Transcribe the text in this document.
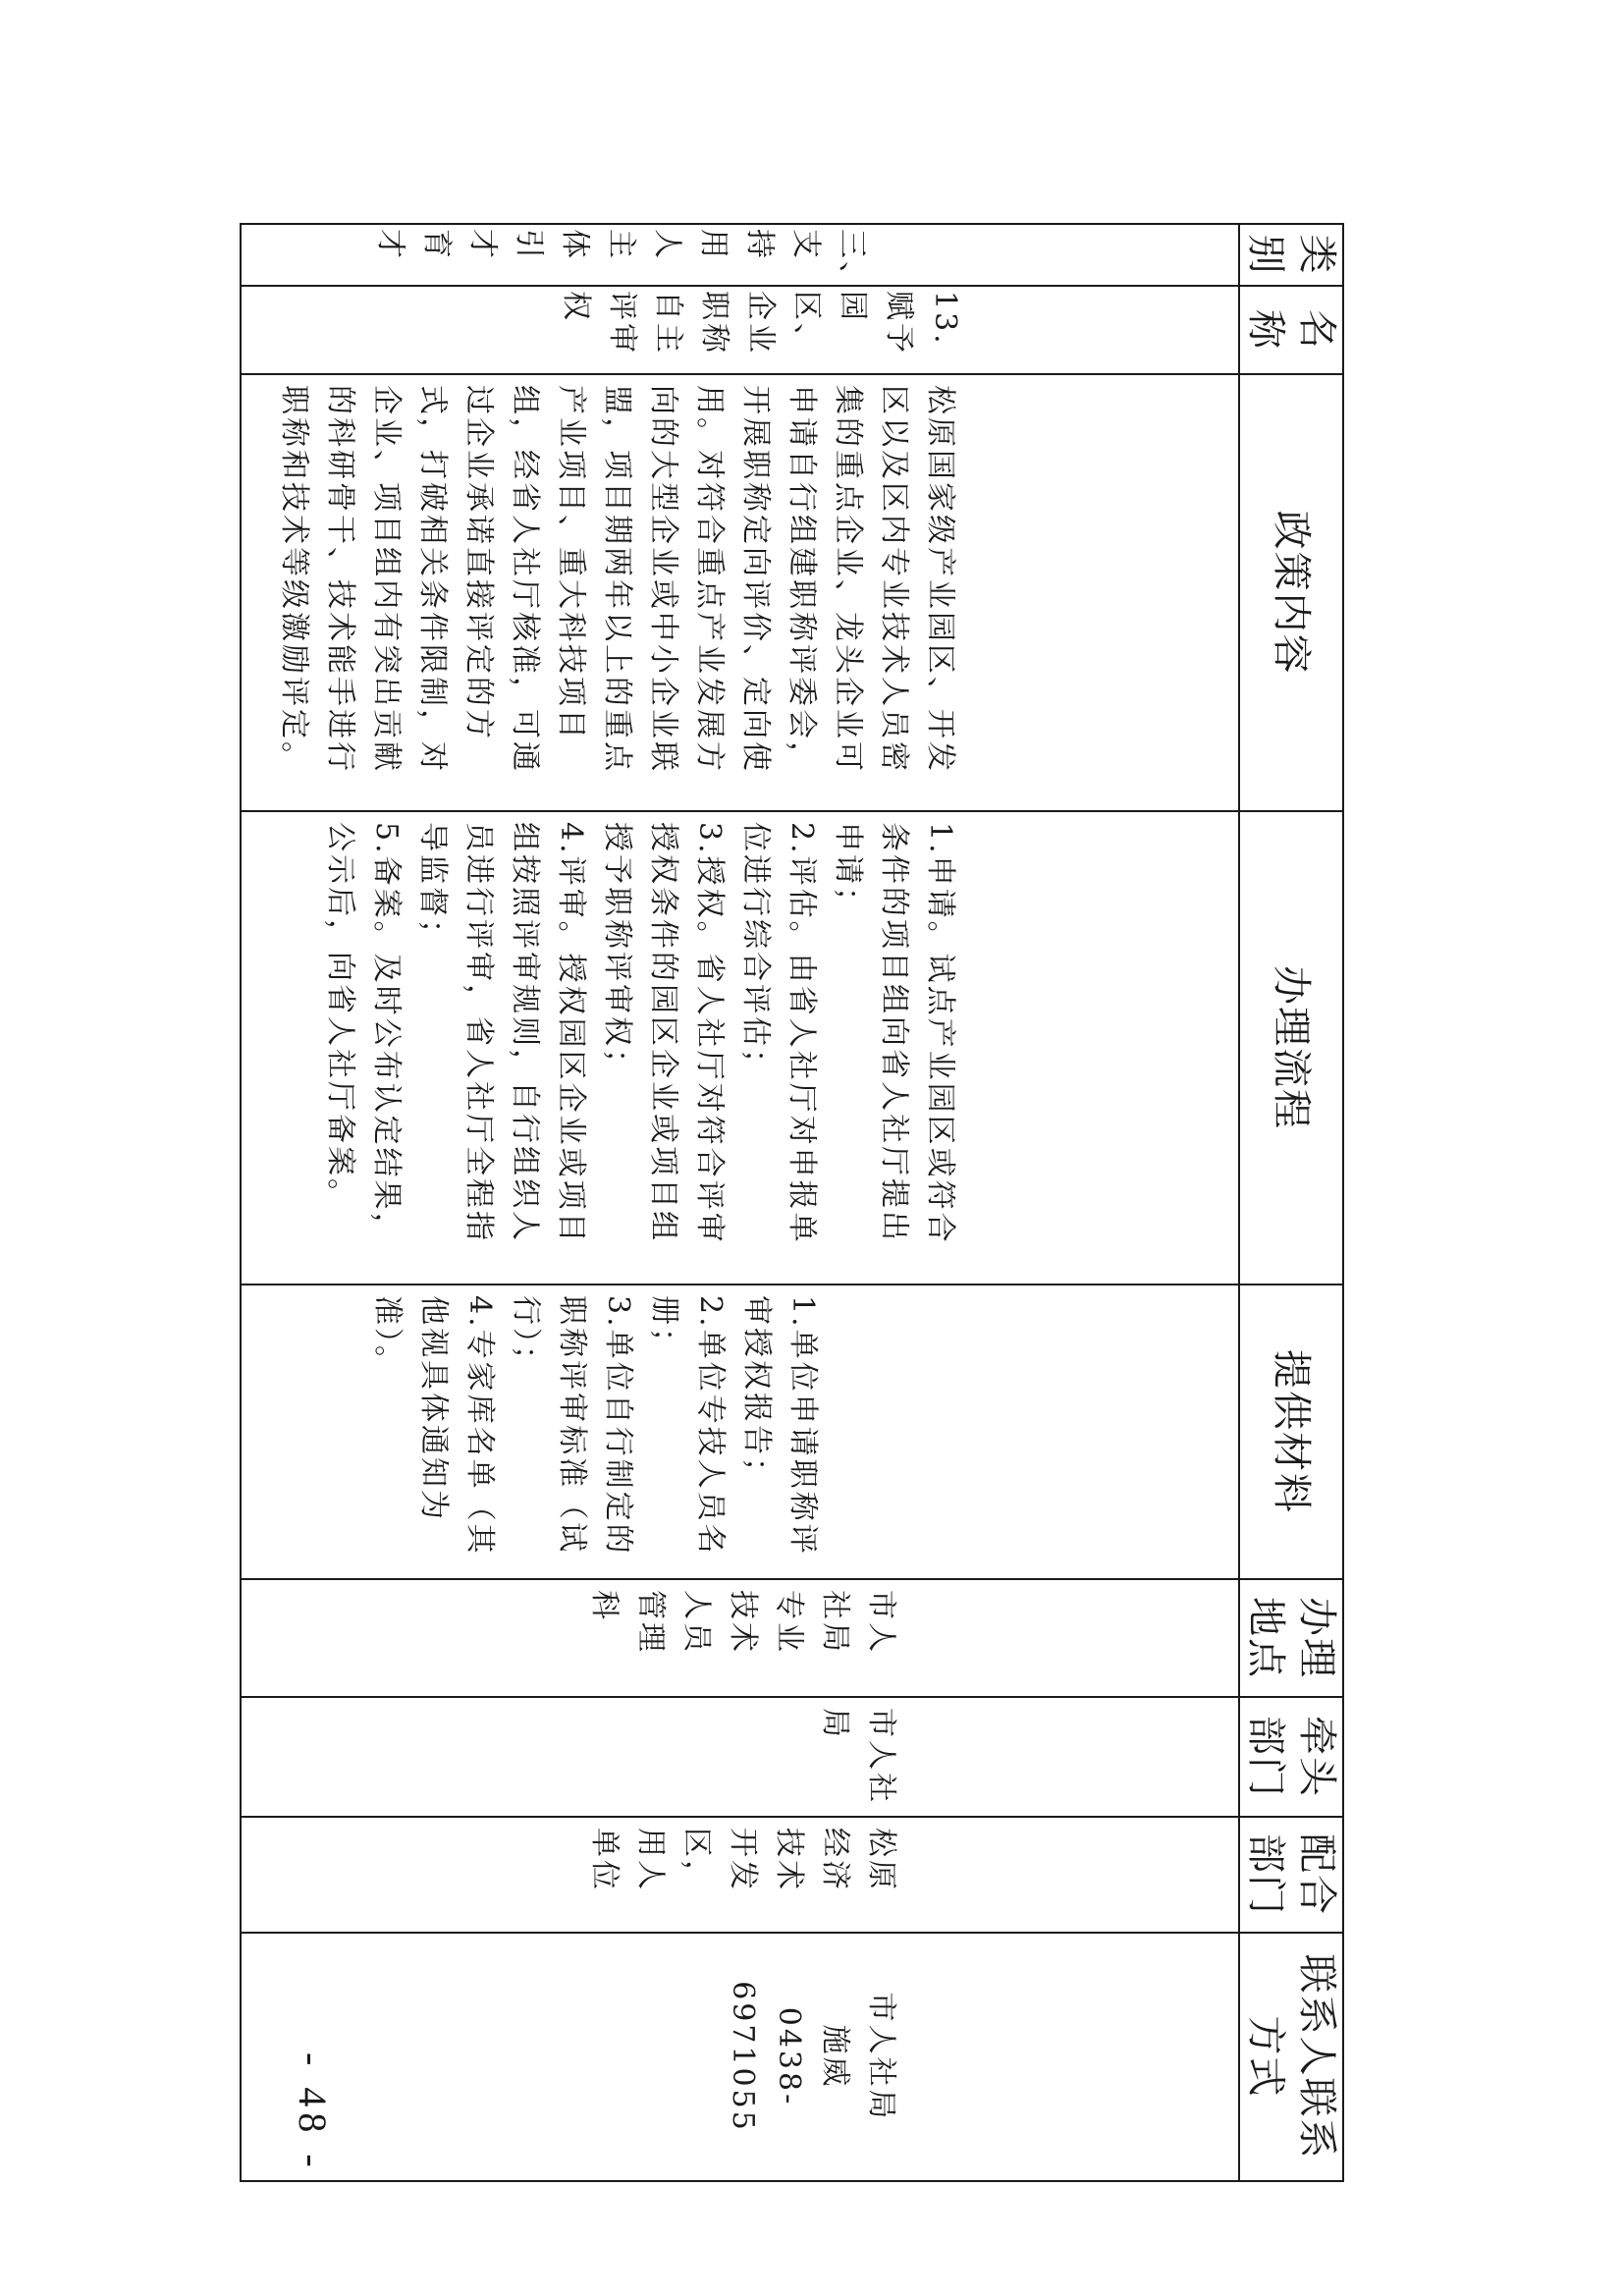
类别	名称	政策内容	办理流程	提供材料	办理地点	牵头部门	配合部门	联系人联系方式
三、支持用人主体引才育才	13.赋予园区、企业职称自主评审权	松原国家级产业园区、开发区以及区内专业技术人员密集的重点企业、龙头企业可申请自行组建职称评委会，开展职称定向评价、定向使用。对符合重点产业发展方向的大型企业或中小企业联盟，项目期两年以上的重点产业项目、重大科技项目组，经省人社厅核准，可通过企业承诺直接评定的方式，打破相关条件限制，对企业、项目组内有突出贡献的科研骨干、技术能手进行职称和技术等级激励评定。	1.申请。试点产业园区或符合条件的项目组向省人社厅提出申请；
2.评估。由省人社厅对申报单位进行综合评估；
3.授权。省人社厅对符合评审授权条件的园区企业或项目组授予职称评审权；
4.评审。授权园区企业或项目组按照评审规则，自行组织人员进行评审，省人社厅全程指导监督；
5.备案。及时公布认定结果，公示后，向省人社厅备案。	1.单位申请职称评审授权报告；
2.单位专技人员名册；
3.单位自行制定的职称评审标准（试行）；
4.专家库名单（其他视具体通知为准）。	市人社局专业技术人员管理科	市人社局	松原经济技术开发区，用人单位	市人社局
施威
0438-
6971055
- 48 -
